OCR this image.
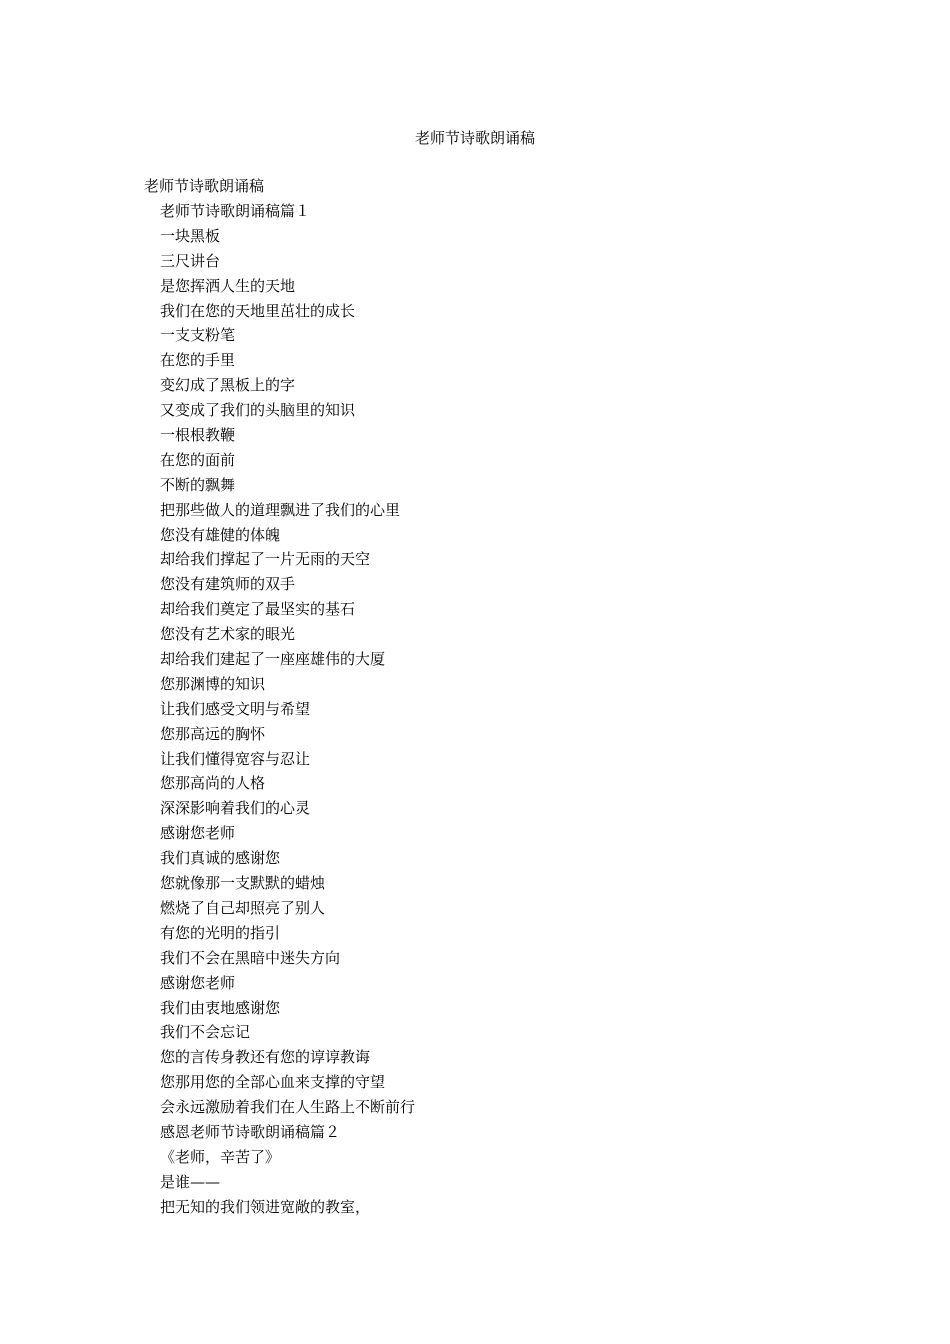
老师节诗歌朗诵稿
老师节诗歌朗诵稿
老师节诗歌朗诵稿篇１
一块黑板
三尺讲台
是您挥洒人生的天地
我们在您的天地里茁壮的成长
一支支粉笔
在您的手里
变幻成了黑板上的字
又变成了我们的头脑里的知识
一根根教鞭
在您的面前
不断的飘舞
把那些做人的道理飘进了我们的心里
您没有雄健的体魄
却给我们撑起了一片无雨的天空
您没有建筑师的双手
却给我们奠定了最坚实的基石
您没有艺术家的眼光
却给我们建起了一座座雄伟的大厦
您那渊博的知识
让我们感受文明与希望
您那高远的胸怀
让我们懂得宽容与忍让
您那高尚的人格
深深影响着我们的心灵
感谢您老师
我们真诚的感谢您
您就像那一支默默的蜡烛
燃烧了自己却照亮了别人
有您的光明的指引
我们不会在黑暗中迷失方向
感谢您老师
我们由衷地感谢您
我们不会忘记
您的言传身教还有您的谆谆教诲
您那用您的全部心血来支撑的守望
会永远激励着我们在人生路上不断前行
感恩老师节诗歌朗诵稿篇２
《老师，辛苦了》
是谁——
把无知的我们领进宽敞的教室，
